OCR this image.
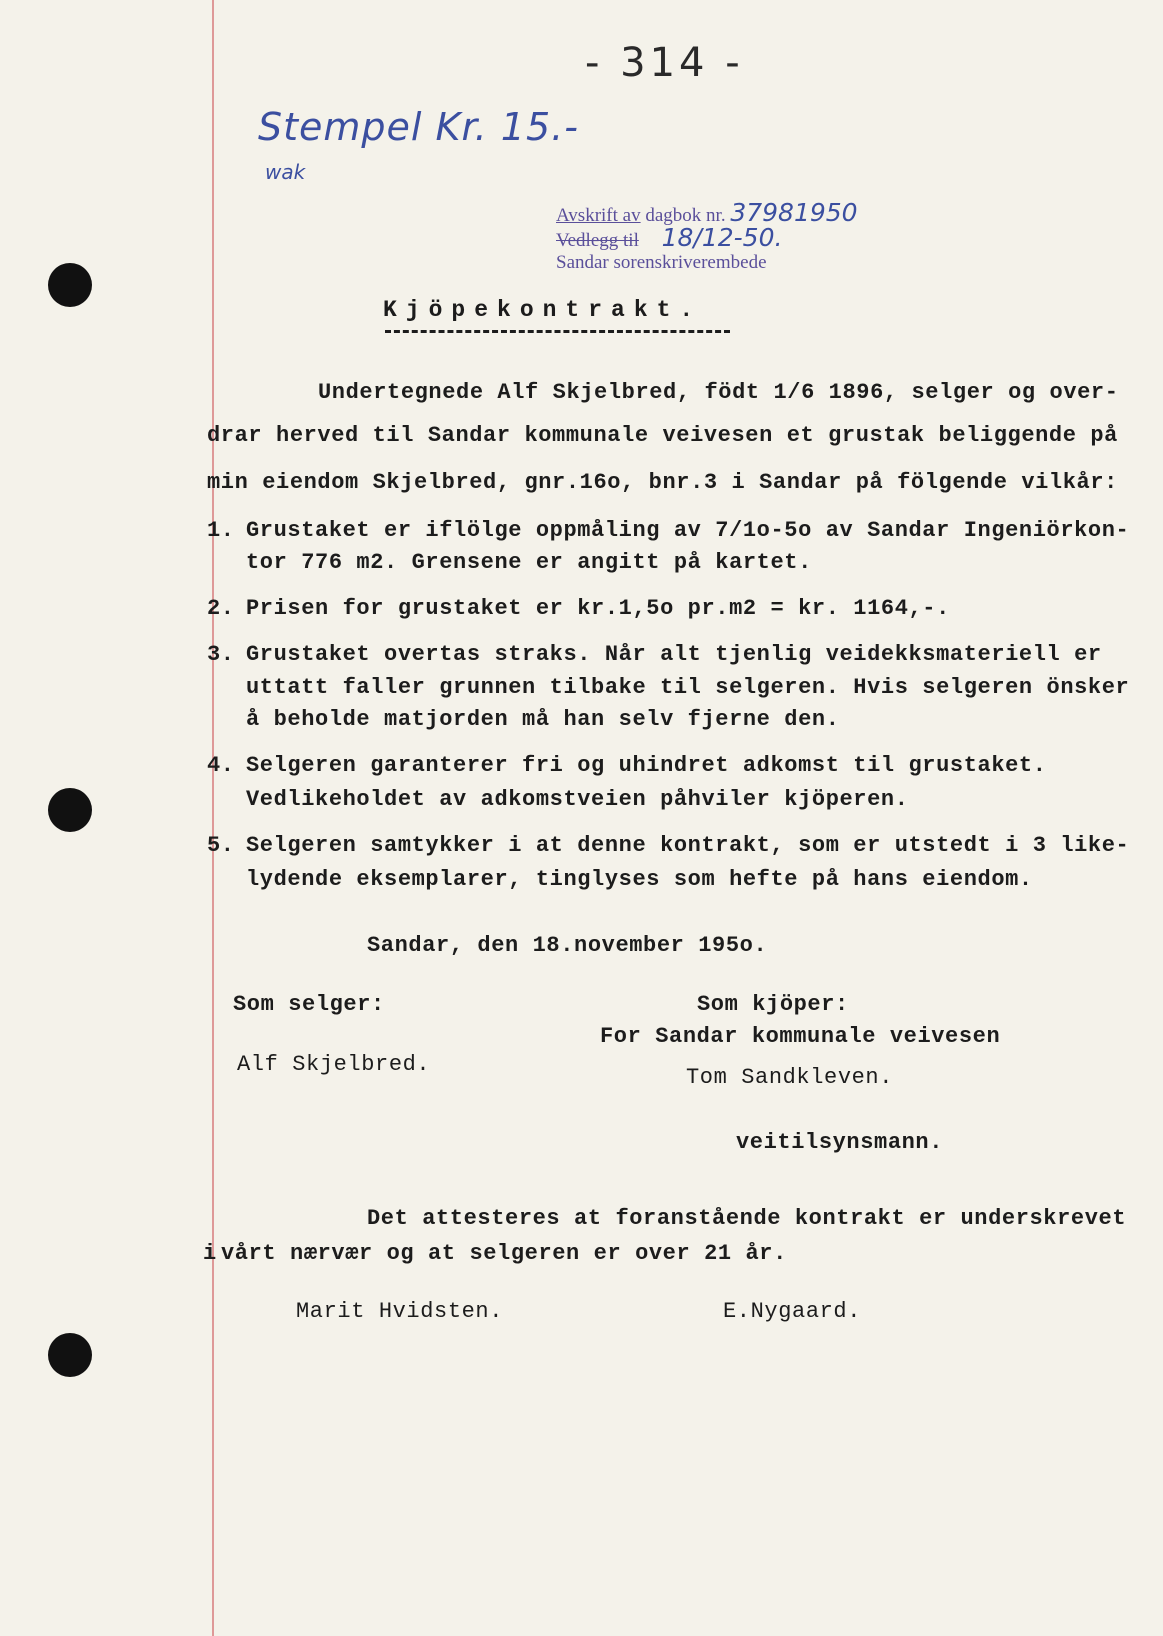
- 314 -
Stempel Kr. 15.-
wak
Avskrift av dagbok nr. 37981950
Vedlegg til 18/12-50.
Sandar sorenskriverembede
Kjöpekontrakt.
Undertegnede Alf Skjelbred, födt 1/6 1896, selger og over-
drar herved til Sandar kommunale veivesen et grustak beliggende på
min eiendom Skjelbred, gnr.16o, bnr.3 i Sandar på fölgende vilkår:
1. Grustaket er iflölge oppmåling av 7/1o-5o av Sandar Ingeniörkon-
tor 776 m2. Grensene er angitt på kartet.
2. Prisen for grustaket er kr.1,5o pr.m2 = kr. 1164,-.
3. Grustaket overtas straks. Når alt tjenlig veidekksmateriell er
uttatt faller grunnen tilbake til selgeren. Hvis selgeren önsker
å beholde matjorden må han selv fjerne den.
4. Selgeren garanterer fri og uhindret adkomst til grustaket.
Vedlikeholdet av adkomstveien påhviler kjöperen.
5. Selgeren samtykker i at denne kontrakt, som er utstedt i 3 like-
lydende eksemplarer, tinglyses som hefte på hans eiendom.
Sandar, den 18.november 195o.
Som selger:	Som kjöper:
For Sandar kommunale veivesen
Alf Skjelbred.
Tom Sandkleven.
veitilsynsmann.
Det attesteres at foranstående kontrakt er underskrevet
i vårt nærvær og at selgeren er over 21 år.
Marit Hvidsten.	E.Nygaard.
